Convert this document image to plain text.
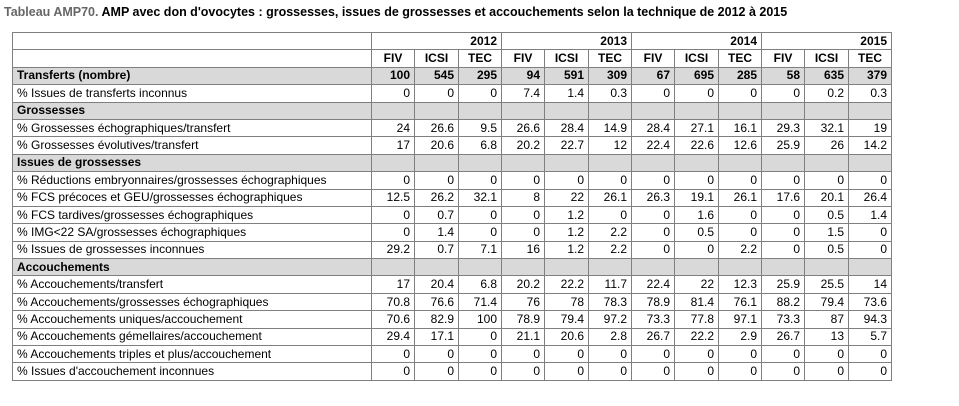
Tableau AMP70. AMP avec don d'ovocytes : grossesses, issues de grossesses et accouchements selon la technique de 2012 à 2015
	2012			2013			2014			2015		
	FIV	ICSI	TEC	FIV	ICSI	TEC	FIV	ICSI	TEC	FIV	ICSI	TEC
Transferts (nombre)	100	545	295	94	591	309	67	695	285	58	635	379
% Issues de transferts inconnus	0	0	0	7.4	1.4	0.3	0	0	0	0	0.2	0.3
Grossesses												
% Grossesses échographiques/transfert	24	26.6	9.5	26.6	28.4	14.9	28.4	27.1	16.1	29.3	32.1	19
% Grossesses évolutives/transfert	17	20.6	6.8	20.2	22.7	12	22.4	22.6	12.6	25.9	26	14.2
Issues de grossesses												
% Réductions embryonnaires/grossesses échographiques	0	0	0	0	0	0	0	0	0	0	0	0
% FCS précoces et GEU/grossesses échographiques	12.5	26.2	32.1	8	22	26.1	26.3	19.1	26.1	17.6	20.1	26.4
% FCS tardives/grossesses échographiques	0	0.7	0	0	1.2	0	0	1.6	0	0	0.5	1.4
% IMG<22 SA/grossesses échographiques	0	1.4	0	0	1.2	2.2	0	0.5	0	0	1.5	0
% Issues de grossesses inconnues	29.2	0.7	7.1	16	1.2	2.2	0	0	2.2	0	0.5	0
Accouchements												
% Accouchements/transfert	17	20.4	6.8	20.2	22.2	11.7	22.4	22	12.3	25.9	25.5	14
% Accouchements/grossesses échographiques	70.8	76.6	71.4	76	78	78.3	78.9	81.4	76.1	88.2	79.4	73.6
% Accouchements uniques/accouchement	70.6	82.9	100	78.9	79.4	97.2	73.3	77.8	97.1	73.3	87	94.3
% Accouchements gémellaires/accouchement	29.4	17.1	0	21.1	20.6	2.8	26.7	22.2	2.9	26.7	13	5.7
% Accouchements triples et plus/accouchement	0	0	0	0	0	0	0	0	0	0	0	0
% Issues d'accouchement inconnues	0	0	0	0	0	0	0	0	0	0	0	0
